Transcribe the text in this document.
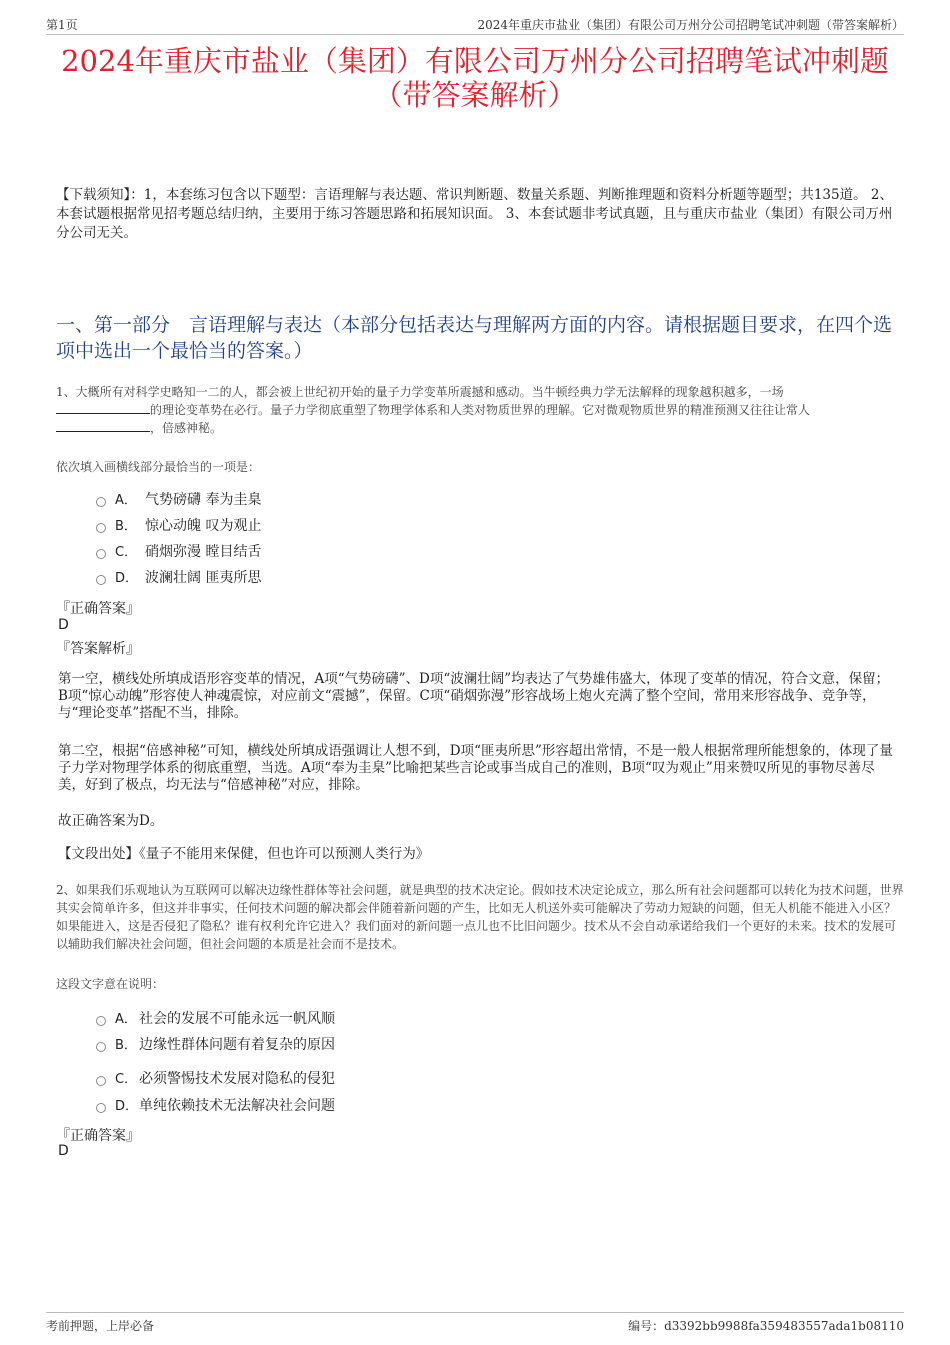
第1页	2024年重庆市盐业（集团）有限公司万州分公司招聘笔试冲刺题（带答案解析）
2024年重庆市盐业（集团）有限公司万州分公司招聘笔试冲刺题（带答案解析）
【下载须知】：1，本套练习包含以下题型：言语理解与表达题、常识判断题、数量关系题、判断推理题和资料分析题等题型；共135道。 2、本套试题根据常见招考题总结归纳，主要用于练习答题思路和拓展知识面。 3、本套试题非考试真题，且与重庆市盐业（集团）有限公司万州分公司无关。
一、第一部分　言语理解与表达（本部分包括表达与理解两方面的内容。请根据题目要求，在四个选项中选出一个最恰当的答案。）
1、大概所有对科学史略知一二的人，都会被上世纪初开始的量子力学变革所震撼和感动。当牛顿经典力学无法解释的现象越积越多，一场
的理论变革势在必行。量子力学彻底重塑了物理学体系和人类对物质世界的理解。它对微观物质世界的精准预测又往往让常人
，倍感神秘。
依次填入画横线部分最恰当的一项是：
A． 气势磅礴 奉为圭臬
B． 惊心动魄 叹为观止
C． 硝烟弥漫 瞠目结舌
D． 波澜壮阔 匪夷所思
『正确答案』
D
『答案解析』
第一空，横线处所填成语形容变革的情况，A项“气势磅礴”、D项“波澜壮阔”均表达了气势雄伟盛大，体现了变革的情况，符合文意，保留；B项“惊心动魄”形容使人神魂震惊，对应前文“震撼”，保留。C项“硝烟弥漫”形容战场上炮火充满了整个空间，常用来形容战争、竞争等，与“理论变革”搭配不当，排除。
第二空，根据“倍感神秘”可知，横线处所填成语强调让人想不到，D项“匪夷所思”形容超出常情，不是一般人根据常理所能想象的，体现了量子力学对物理学体系的彻底重塑，当选。A项“奉为圭臬”比喻把某些言论或事当成自己的准则，B项“叹为观止”用来赞叹所见的事物尽善尽美，好到了极点，均无法与“倍感神秘”对应，排除。
故正确答案为D。
【文段出处】《量子不能用来保健，但也许可以预测人类行为》
2、如果我们乐观地认为互联网可以解决边缘性群体等社会问题，就是典型的技术决定论。假如技术决定论成立，那么所有社会问题都可以转化为技术问题，世界其实会简单许多，但这并非事实，任何技术问题的解决都会伴随着新问题的产生，比如无人机送外卖可能解决了劳动力短缺的问题，但无人机能不能进入小区？如果能进入，这是否侵犯了隐私？谁有权利允许它进入？我们面对的新问题一点儿也不比旧问题少。技术从不会自动承诺给我们一个更好的未来。技术的发展可以辅助我们解决社会问题，但社会问题的本质是社会而不是技术。
这段文字意在说明：
A． 社会的发展不可能永远一帆风顺
B． 边缘性群体问题有着复杂的原因
C． 必须警惕技术发展对隐私的侵犯
D．单纯依赖技术无法解决社会问题
『正确答案』
D
考前押题，上岸必备	编号：d3392bb9988fa359483557ada1b08110
